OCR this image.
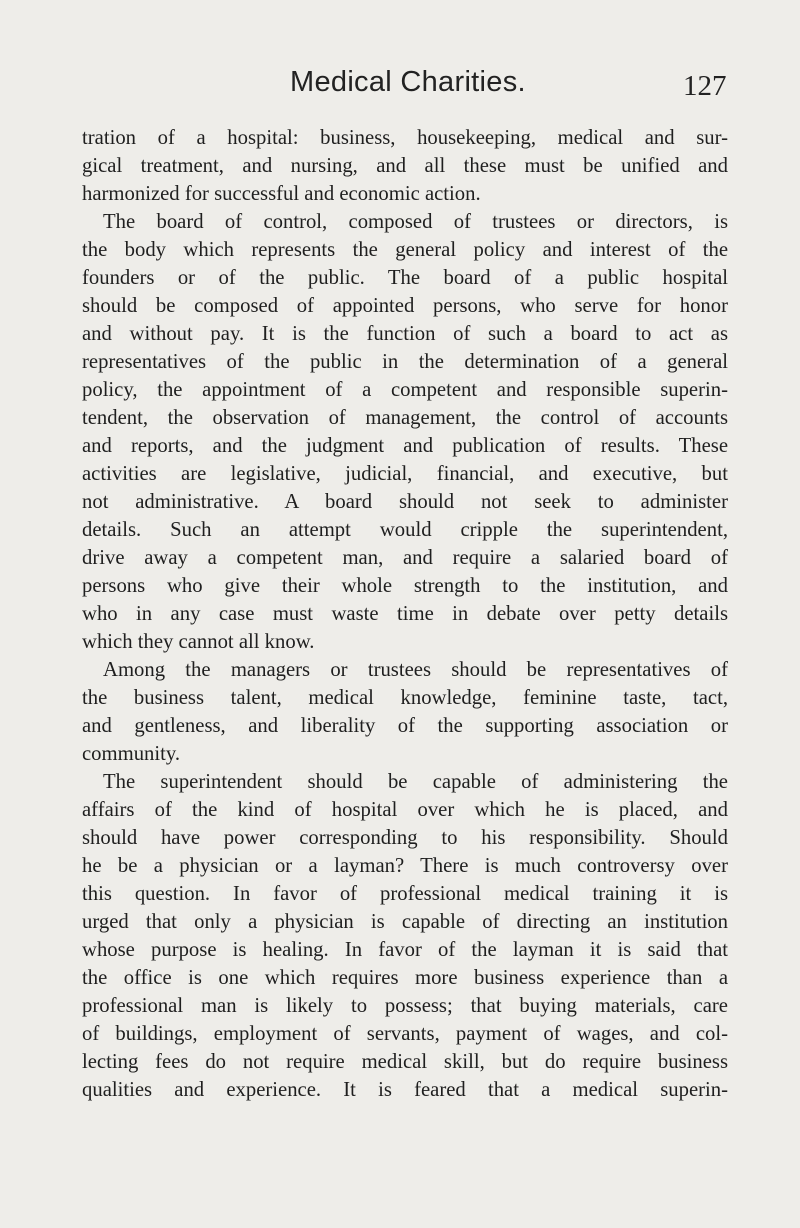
Medical Charities.	127
tration of a hospital: business, housekeeping, medical and sur-
gical treatment, and nursing, and all these must be unified and
harmonized for successful and economic action.
The board of control, composed of trustees or directors, is
the body which represents the general policy and interest of the
founders or of the public. The board of a public hospital
should be composed of appointed persons, who serve for honor
and without pay. It is the function of such a board to act as
representatives of the public in the determination of a general
policy, the appointment of a competent and responsible superin-
tendent, the observation of management, the control of accounts
and reports, and the judgment and publication of results. These
activities are legislative, judicial, financial, and executive, but
not administrative. A board should not seek to administer
details. Such an attempt would cripple the superintendent,
drive away a competent man, and require a salaried board of
persons who give their whole strength to the institution, and
who in any case must waste time in debate over petty details
which they cannot all know.
Among the managers or trustees should be representatives of
the business talent, medical knowledge, feminine taste, tact,
and gentleness, and liberality of the supporting association or
community.
The superintendent should be capable of administering the
affairs of the kind of hospital over which he is placed, and
should have power corresponding to his responsibility. Should
he be a physician or a layman? There is much controversy over
this question. In favor of professional medical training it is
urged that only a physician is capable of directing an institution
whose purpose is healing. In favor of the layman it is said that
the office is one which requires more business experience than a
professional man is likely to possess; that buying materials, care
of buildings, employment of servants, payment of wages, and col-
lecting fees do not require medical skill, but do require business
qualities and experience. It is feared that a medical superin-
